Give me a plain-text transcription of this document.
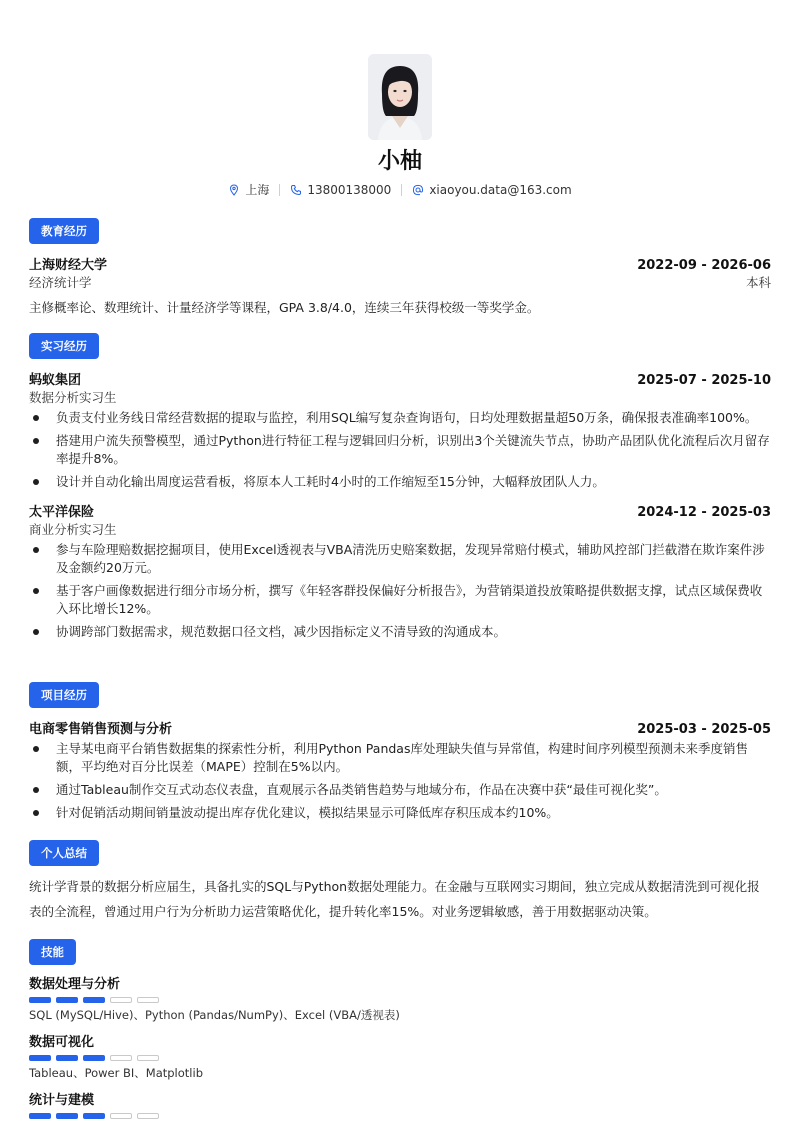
小柚
上海	13800138000	xiaoyou.data@163.com
教育经历
上海财经大学	2022-09 - 2026-06
经济统计学	本科
主修概率论、数理统计、计量经济学等课程，GPA 3.8/4.0，连续三年获得校级一等奖学金。
实习经历
蚂蚁集团	2025-07 - 2025-10
数据分析实习生
负责支付业务线日常经营数据的提取与监控，利用SQL编写复杂查询语句，日均处理数据量超50万条，确保报表准确率100%。
搭建用户流失预警模型，通过Python进行特征工程与逻辑回归分析，识别出3个关键流失节点，协助产品团队优化流程后次月留存率提升8%。
设计并自动化输出周度运营看板，将原本人工耗时4小时的工作缩短至15分钟，大幅释放团队人力。
太平洋保险	2024-12 - 2025-03
商业分析实习生
参与车险理赔数据挖掘项目，使用Excel透视表与VBA清洗历史赔案数据，发现异常赔付模式，辅助风控部门拦截潜在欺诈案件涉及金额约20万元。
基于客户画像数据进行细分市场分析，撰写《年轻客群投保偏好分析报告》，为营销渠道投放策略提供数据支撑，试点区域保费收入环比增长12%。
协调跨部门数据需求，规范数据口径文档，减少因指标定义不清导致的沟通成本。
项目经历
电商零售销售预测与分析	2025-03 - 2025-05
主导某电商平台销售数据集的探索性分析，利用Python Pandas库处理缺失值与异常值，构建时间序列模型预测未来季度销售额，平均绝对百分比误差（MAPE）控制在5%以内。
通过Tableau制作交互式动态仪表盘，直观展示各品类销售趋势与地域分布，作品在决赛中获“最佳可视化奖”。
针对促销活动期间销量波动提出库存优化建议，模拟结果显示可降低库存积压成本约10%。
个人总结
统计学背景的数据分析应届生，具备扎实的SQL与Python数据处理能力。在金融与互联网实习期间，独立完成从数据清洗到可视化报表的全流程，曾通过用户行为分析助力运营策略优化，提升转化率15%。对业务逻辑敏感，善于用数据驱动决策。
技能
数据处理与分析
SQL (MySQL/Hive)、Python (Pandas/NumPy)、Excel (VBA/透视表)
数据可视化
Tableau、Power BI、Matplotlib
统计与建模
